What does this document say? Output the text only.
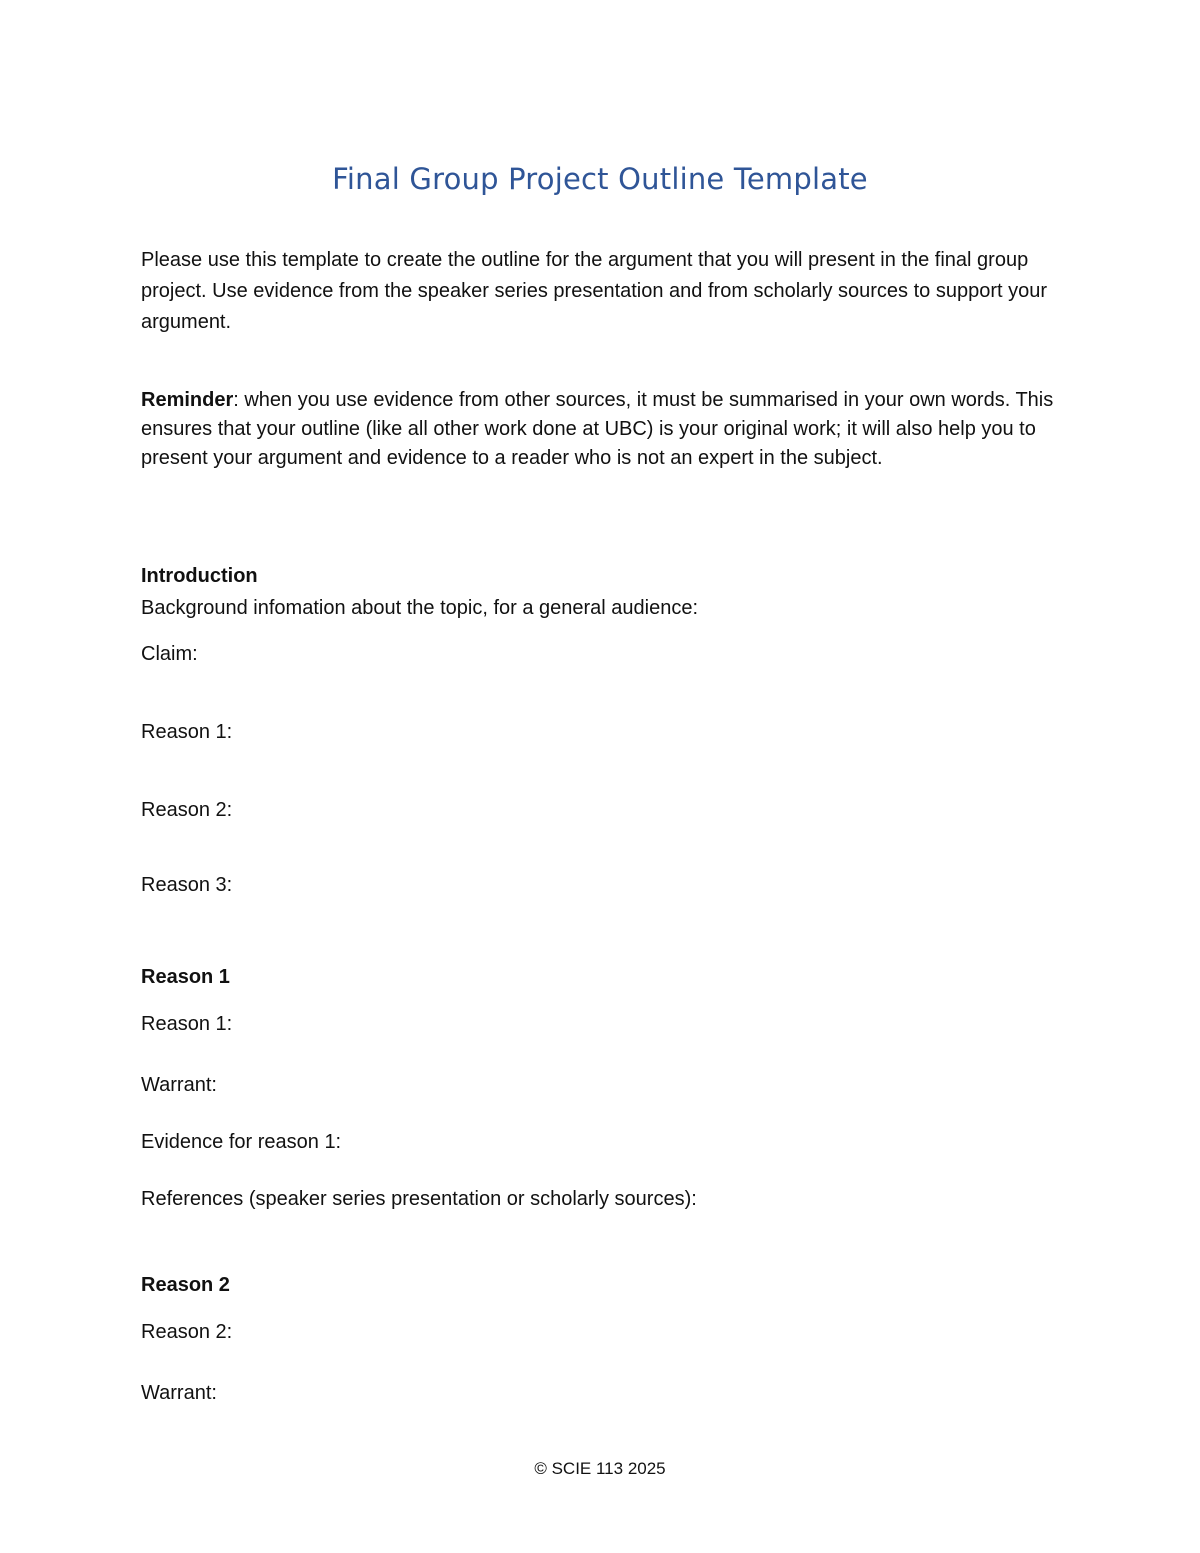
Final Group Project Outline Template

Please use this template to create the outline for the argument that you will present in the final group project. Use evidence from the speaker series presentation and from scholarly sources to support your argument.

Reminder: when you use evidence from other sources, it must be summarised in your own words. This ensures that your outline (like all other work done at UBC) is your original work; it will also help you to present your argument and evidence to a reader who is not an expert in the subject.

Introduction
Background infomation about the topic, for a general audience:
Claim:
Reason 1:
Reason 2:
Reason 3:
Reason 1
Reason 1:
Warrant:
Evidence for reason 1:
References (speaker series presentation or scholarly sources):
Reason 2
Reason 2:
Warrant:
© SCIE 113 2025
